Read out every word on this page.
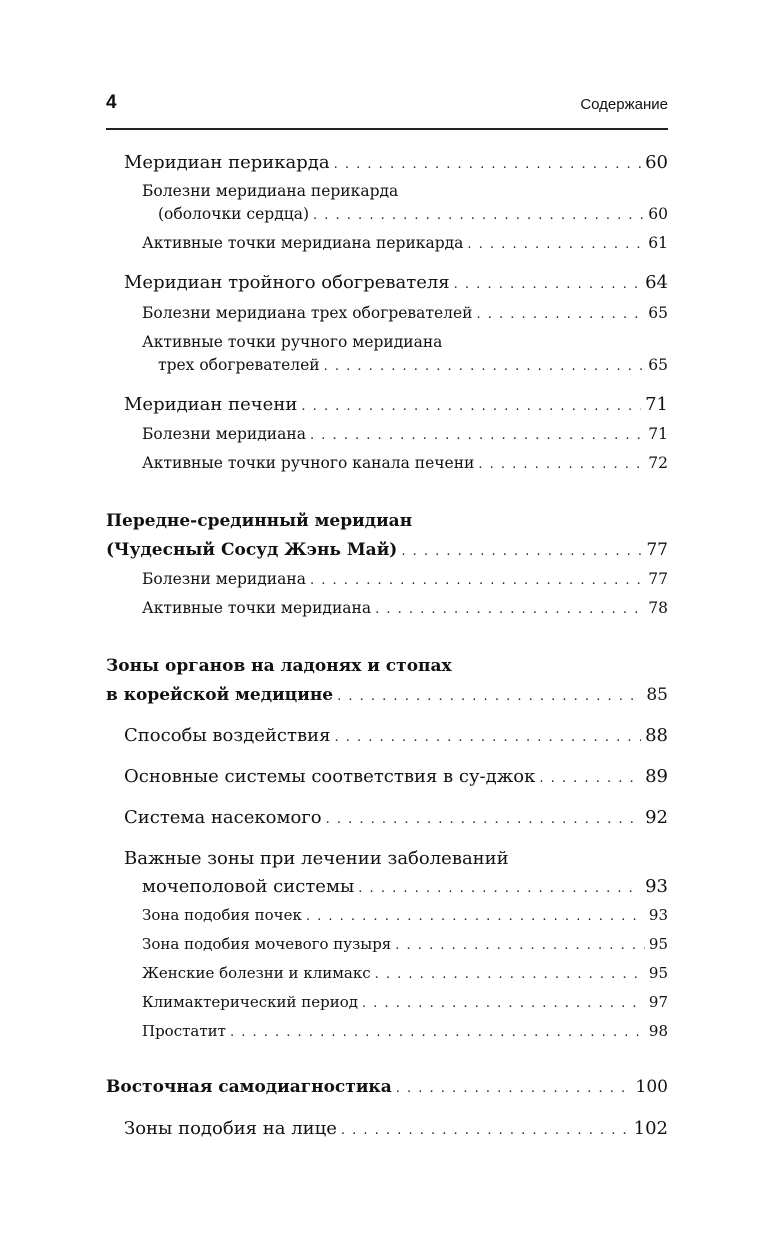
4	Содержание
Меридиан перикарда . . .	60
Болезни меридиана перикарда
(оболочки сердца) . . .	60
Активные точки меридиана перикарда . . .	61
Меридиан тройного обогревателя . . .	64
Болезни меридиана трех обогревателей . . .	65
Активные точки ручного меридиана
трех обогревателей . . .	65
Меридиан печени . . .	71
Болезни меридиана . . .	71
Активные точки ручного канала печени . . .	72
Передне-срединный меридиан
(Чудесный Сосуд Жэнь Май) . . .	77
Болезни меридиана . . .	77
Активные точки меридиана . . .	78
Зоны органов на ладонях и стопах
в корейской медицине . . .	85
Способы воздействия . . .	88
Основные системы соответствия в су-джок . . .	89
Система насекомого . . .	92
Важные зоны при лечении заболеваний
мочеполовой системы . . .	93
Зона подобия почек . . .	93
Зона подобия мочевого пузыря . . .	95
Женские болезни и климакс . . .	95
Климактерический период . . .	97
Простатит . . .	98
Восточная самодиагностика . . .	100
Зоны подобия на лице . . .	102
